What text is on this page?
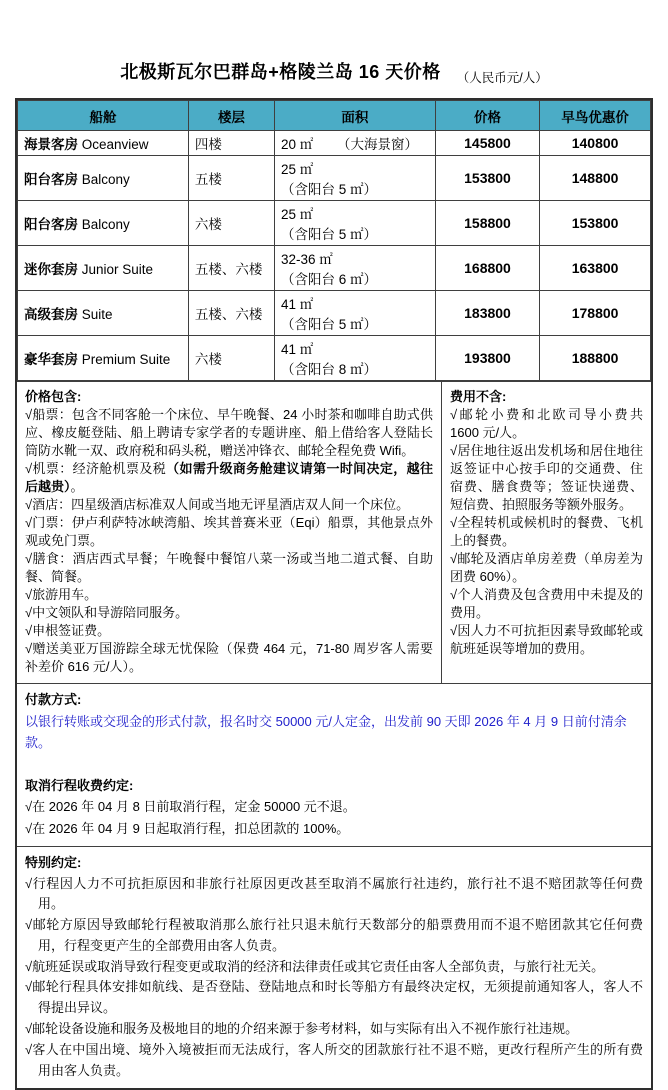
北极斯瓦尔巴群岛+格陵兰岛 16 天价格 （人民币元/人）
船舱	楼层	面积	价格	早鸟优惠价
海景客房 Oceanview	四楼	20 ㎡ （大海景窗）	145800	140800
阳台客房 Balcony	五楼	25 ㎡（含阳台 5 ㎡）	153800	148800
阳台客房 Balcony	六楼	25 ㎡（含阳台 5 ㎡）	158800	153800
迷你套房 Junior Suite	五楼、六楼	32-36 ㎡（含阳台 6 ㎡）	168800	163800
高级套房 Suite	五楼、六楼	41 ㎡（含阳台 5 ㎡）	183800	178800
豪华套房 Premium Suite	六楼	41 ㎡（含阳台 8 ㎡）	193800	188800
价格包含:

√船票：包含不同客舱一个床位、早午晚餐、24 小时茶和咖啡自助式供应、橡皮艇登陆、船上聘请专家学者的专题讲座、船上借给客人登陆长筒防水靴一双、政府税和码头税，赠送冲锋衣、邮轮全程免费 Wifi。

√机票：经济舱机票及税（如需升级商务舱建议请第一时间决定，越往后越贵）。

√酒店：四星级酒店标准双人间或当地无评星酒店双人间一个床位。

√门票：伊卢利萨特冰峡湾船、埃其普赛米亚（Eqi）船票，其他景点外观或免门票。

√膳食：酒店西式早餐；午晚餐中餐馆八菜一汤或当地二道式餐、自助餐、简餐。

√旅游用车。

√中文领队和导游陪同服务。

√申根签证费。

√赠送美亚万国游踪全球无忧保险（保费 464 元，71-80 周岁客人需要补差价 616 元/人）。

费用不含:

√邮轮小费和北欧司导小费共 1600 元/人。

√居住地往返出发机场和居住地往返签证中心按手印的交通费、住宿费、膳食费等；签证快递费、短信费、拍照服务等额外服务。

√全程转机或候机时的餐费、飞机上的餐费。

√邮轮及酒店单房差费（单房差为团费 60%）。

√个人消费及包含费用中未提及的费用。

√因人力不可抗拒因素导致邮轮或航班延误等增加的费用。

付款方式:

以银行转账或交现金的形式付款，报名时交 50000 元/人定金，出发前 90 天即 2026 年 4 月 9 日前付清余款。

取消行程收费约定:

√在 2026 年 04 月 8 日前取消行程，定金 50000 元不退。

√在 2026 年 04 月 9 日起取消行程，扣总团款的 100%。

特别约定:

√行程因人力不可抗拒原因和非旅行社原因更改甚至取消不属旅行社违约，旅行社不退不赔团款等任何费用。

√邮轮方原因导致邮轮行程被取消那么旅行社只退未航行天数部分的船票费用而不退不赔团款其它任何费用，行程变更产生的全部费用由客人负责。

√航班延误或取消导致行程变更或取消的经济和法律责任或其它责任由客人全部负责，与旅行社无关。

√邮轮行程具体安排如航线、是否登陆、登陆地点和时长等船方有最终决定权，无须提前通知客人，客人不得提出异议。

√邮轮设备设施和服务及极地目的地的介绍来源于参考材料，如与实际有出入不视作旅行社违规。

√客人在中国出境、境外入境被拒而无法成行，客人所交的团款旅行社不退不赔，更改行程所产生的所有费用由客人负责。
